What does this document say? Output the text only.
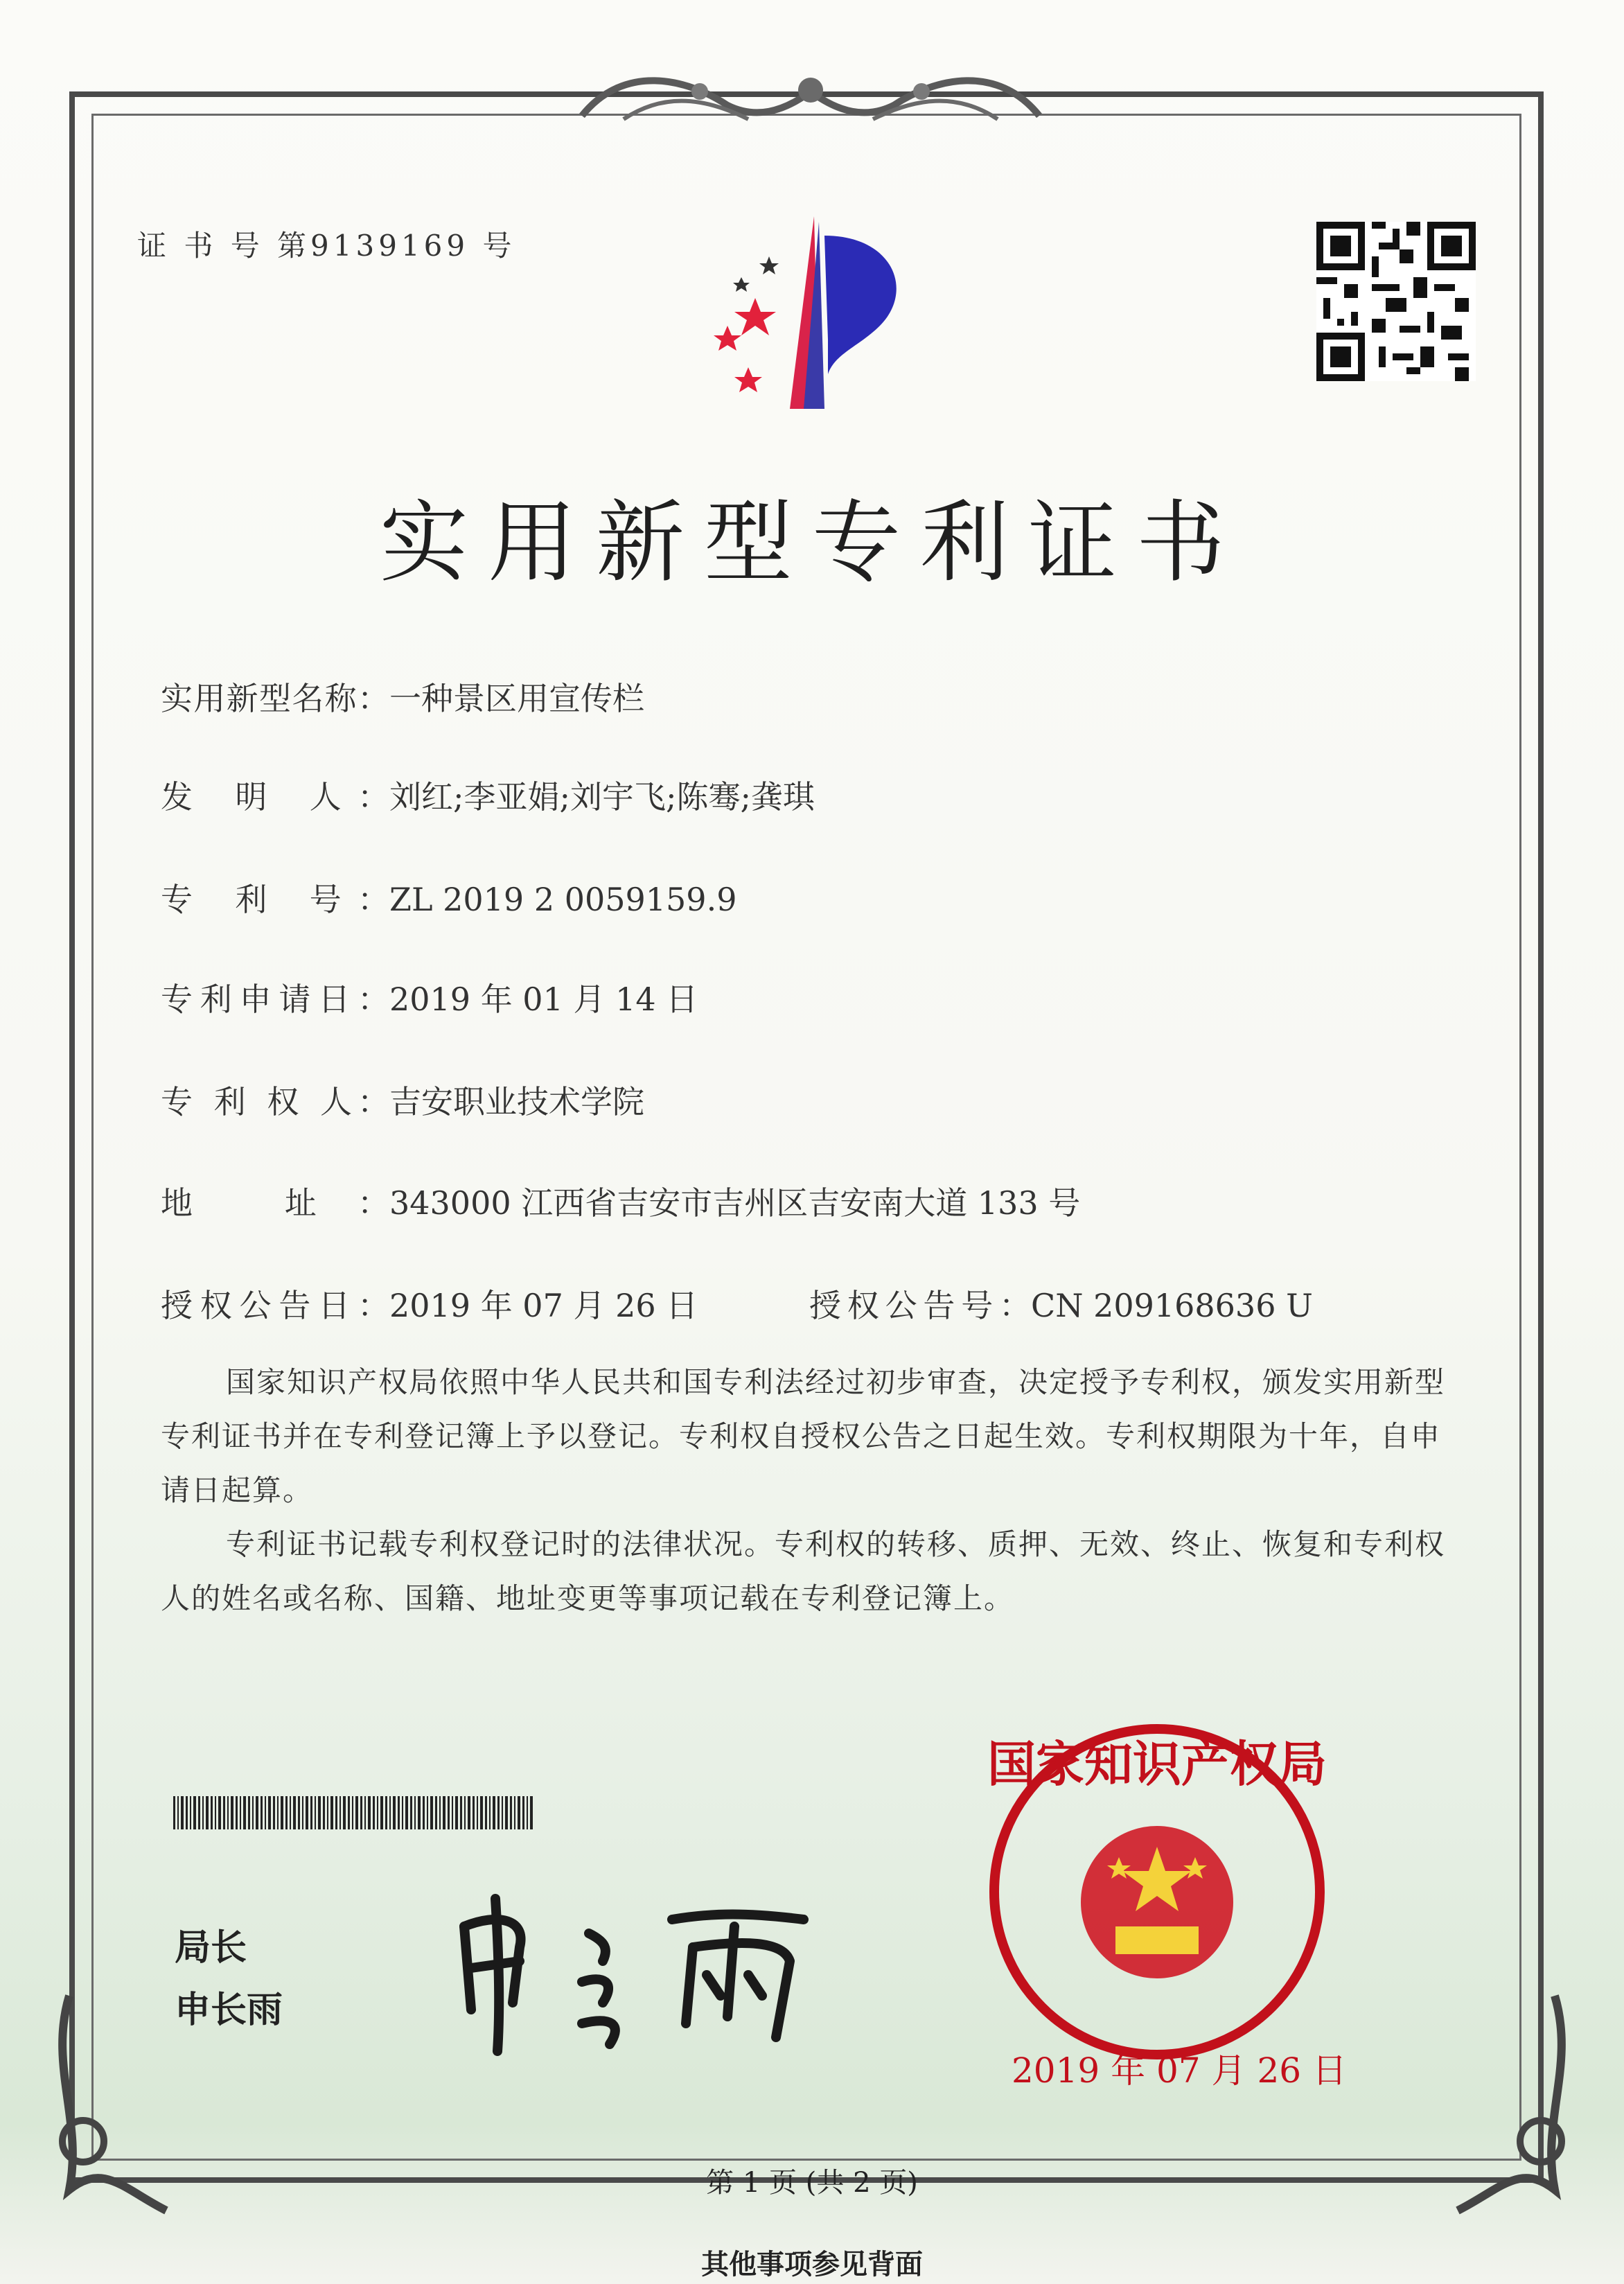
证 书 号 第9139169 号
实用新型专利证书
实用新型名称：一种景区用宣传栏
发 明 人：刘红;李亚娟;刘宇飞;陈骞;龚琪
专 利 号：ZL 2019 2 0059159.9
专利申请日：2019 年 01 月 14 日
专 利 权 人：吉安职业技术学院
地 址：343000 江西省吉安市吉州区吉安南大道 133 号
授权公告日：2019 年 07 月 26 日	授权公告号：CN 209168636 U
国家知识产权局依照中华人民共和国专利法经过初步审查，决定授予专利权，颁发实用新型专利证书并在专利登记簿上予以登记。专利权自授权公告之日起生效。专利权期限为十年，自申请日起算。
专利证书记载专利权登记时的法律状况。专利权的转移、质押、无效、终止、恢复和专利权人的姓名或名称、国籍、地址变更等事项记载在专利登记簿上。
局长
申长雨
国家知识产权局
2019 年 07 月 26 日
第 1 页 (共 2 页)
其他事项参见背面
